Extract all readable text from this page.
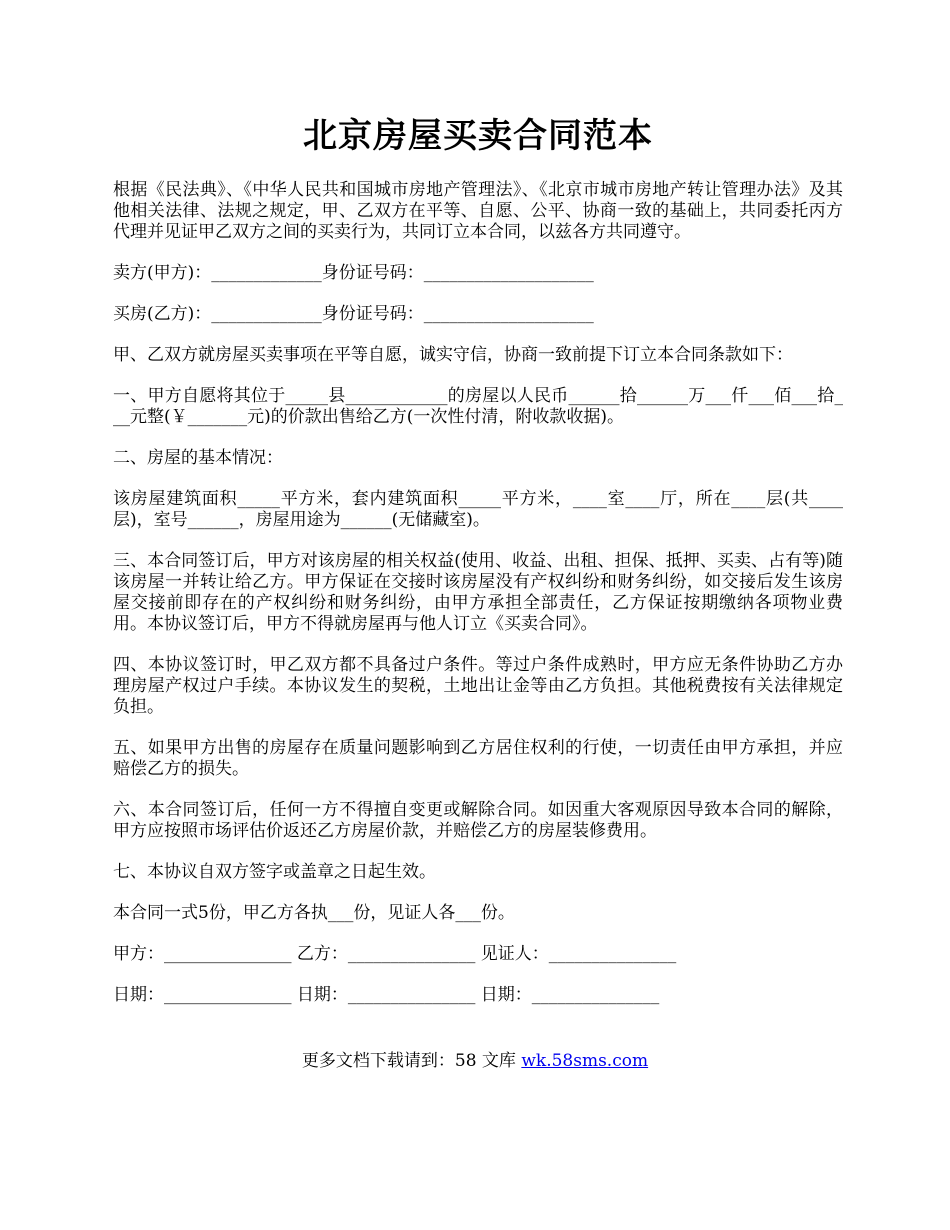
北京房屋买卖合同范本

根据《民法典》、《中华人民共和国城市房地产管理法》、《北京市城市房地产转让管理办法》及其他相关法律、法规之规定，甲、乙双方在平等、自愿、公平、协商一致的基础上，共同委托丙方代理并见证甲乙双方之间的买卖行为，共同订立本合同，以兹各方共同遵守。

卖方(甲方)：_____________身份证号码：____________________

买房(乙方)：_____________身份证号码：____________________

甲、乙双方就房屋买卖事项在平等自愿，诚实守信，协商一致前提下订立本合同条款如下：

一、甲方自愿将其位于_____县____________的房屋以人民币______拾______万___仟___佰___拾___元整(￥_______元)的价款出售给乙方(一次性付清，附收款收据)。

二、房屋的基本情况：

该房屋建筑面积_____平方米，套内建筑面积_____平方米，____室____厅，所在____层(共____层)，室号______，房屋用途为______(无储藏室)。

三、本合同签订后，甲方对该房屋的相关权益(使用、收益、出租、担保、抵押、买卖、占有等)随该房屋一并转让给乙方。甲方保证在交接时该房屋没有产权纠纷和财务纠纷，如交接后发生该房屋交接前即存在的产权纠纷和财务纠纷，由甲方承担全部责任，乙方保证按期缴纳各项物业费用。本协议签订后，甲方不得就房屋再与他人订立《买卖合同》。

四、本协议签订时，甲乙双方都不具备过户条件。等过户条件成熟时，甲方应无条件协助乙方办理房屋产权过户手续。本协议发生的契税，土地出让金等由乙方负担。其他税费按有关法律规定负担。

五、如果甲方出售的房屋存在质量问题影响到乙方居住权利的行使，一切责任由甲方承担，并应赔偿乙方的损失。

六、本合同签订后，任何一方不得擅自变更或解除合同。如因重大客观原因导致本合同的解除，甲方应按照市场评估价返还乙方房屋价款，并赔偿乙方的房屋装修费用。

七、本协议自双方签字或盖章之日起生效。

本合同一式5份，甲乙方各执___份，见证人各___份。

甲方：_______________ 乙方：_______________ 见证人：_______________

日期：_______________ 日期：_______________ 日期：_______________

更多文档下载请到：58 文库 wk.58sms.com
